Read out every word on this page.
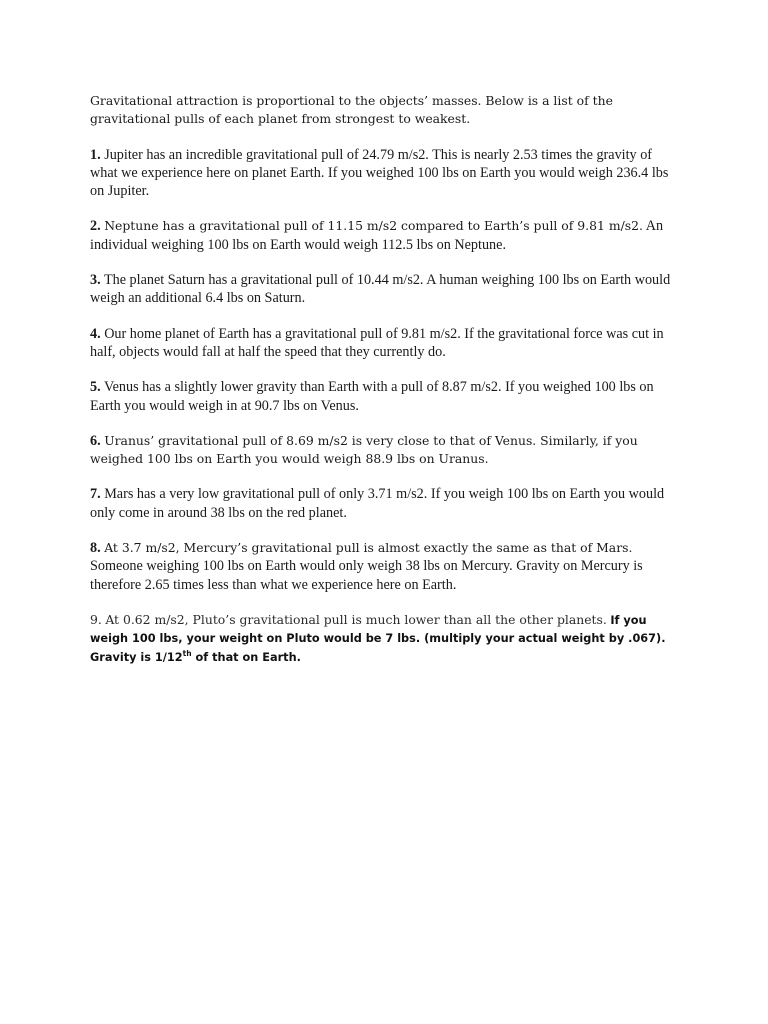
Gravitational attraction is proportional to the objects’ masses. Below is a list of the gravitational pulls of each planet from strongest to weakest.

1. Jupiter has an incredible gravitational pull of 24.79 m/s2. This is nearly 2.53 times the gravity of what we experience here on planet Earth. If you weighed 100 lbs on Earth you would weigh 236.4 lbs on Jupiter.

2. Neptune has a gravitational pull of 11.15 m/s2 compared to Earth’s pull of 9.81 m/s2. An individual weighing 100 lbs on Earth would weigh 112.5 lbs on Neptune.

3. The planet Saturn has a gravitational pull of 10.44 m/s2. A human weighing 100 lbs on Earth would weigh an additional 6.4 lbs on Saturn.

4. Our home planet of Earth has a gravitational pull of 9.81 m/s2. If the gravitational force was cut in half, objects would fall at half the speed that they currently do.

5. Venus has a slightly lower gravity than Earth with a pull of 8.87 m/s2. If you weighed 100 lbs on Earth you would weigh in at 90.7 lbs on Venus.

6. Uranus’ gravitational pull of 8.69 m/s2 is very close to that of Venus. Similarly, if you weighed 100 lbs on Earth you would weigh 88.9 lbs on Uranus.

7. Mars has a very low gravitational pull of only 3.71 m/s2. If you weigh 100 lbs on Earth you would only come in around 38 lbs on the red planet.

8. At 3.7 m/s2, Mercury’s gravitational pull is almost exactly the same as that of Mars. Someone weighing 100 lbs on Earth would only weigh 38 lbs on Mercury. Gravity on Mercury is therefore 2.65 times less than what we experience here on Earth.

9. At 0.62 m/s2, Pluto’s gravitational pull is much lower than all the other planets. If you weigh 100 lbs, your weight on Pluto would be 7 lbs. (multiply your actual weight by .067). Gravity is 1/12th of that on Earth.
